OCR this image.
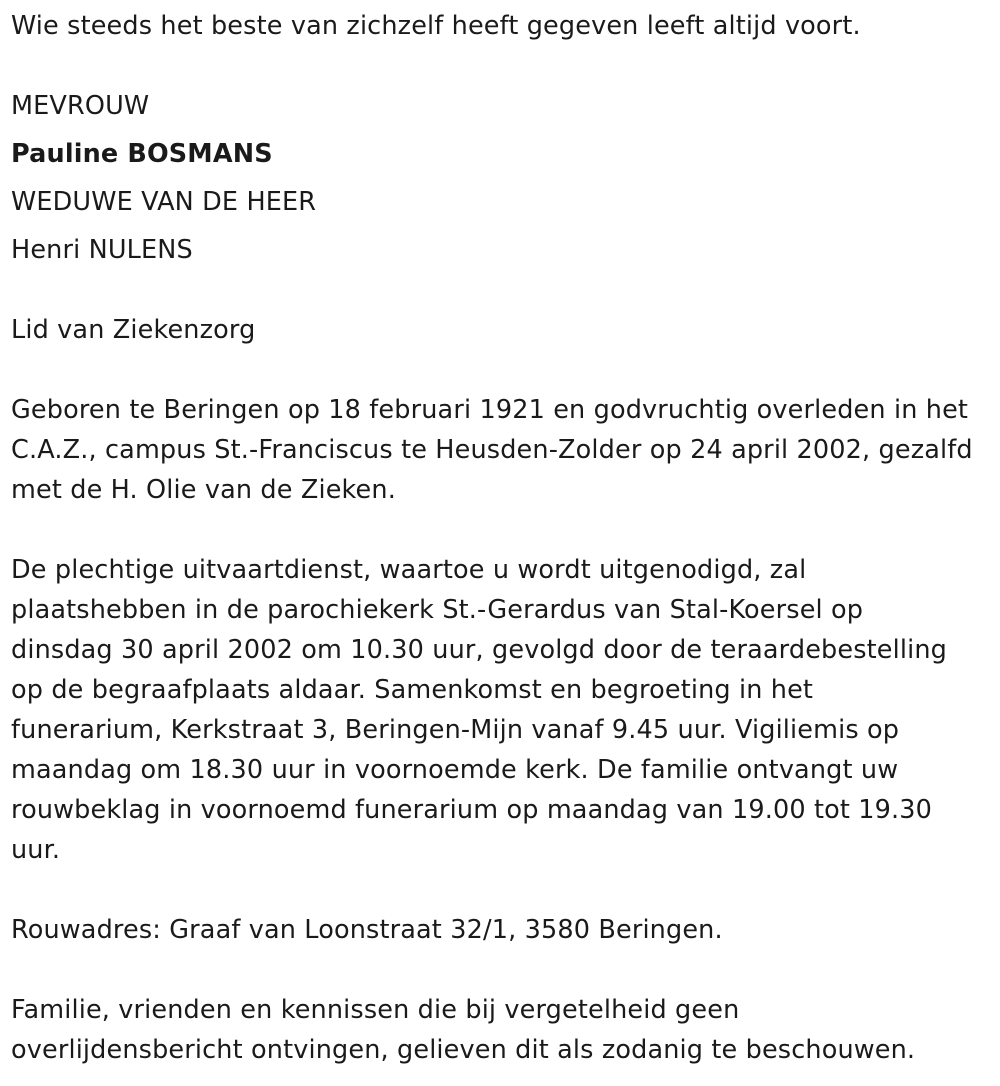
Wie steeds het beste van zichzelf heeft gegeven leeft altijd voort.
MEVROUW
Pauline BOSMANS
WEDUWE VAN DE HEER
Henri NULENS
Lid van Ziekenzorg
Geboren te Beringen op 18 februari 1921 en godvruchtig overleden in het
C.A.Z., campus St.-Franciscus te Heusden-Zolder op 24 april 2002, gezalfd
met de H. Olie van de Zieken.
De plechtige uitvaartdienst, waartoe u wordt uitgenodigd, zal
plaatshebben in de parochiekerk St.-Gerardus van Stal-Koersel op
dinsdag 30 april 2002 om 10.30 uur, gevolgd door de teraardebestelling
op de begraafplaats aldaar. Samenkomst en begroeting in het
funerarium, Kerkstraat 3, Beringen-Mijn vanaf 9.45 uur. Vigiliemis op
maandag om 18.30 uur in voornoemde kerk. De familie ontvangt uw
rouwbeklag in voornoemd funerarium op maandag van 19.00 tot 19.30
uur.
Rouwadres: Graaf van Loonstraat 32/1, 3580 Beringen.
Familie, vrienden en kennissen die bij vergetelheid geen
overlijdensbericht ontvingen, gelieven dit als zodanig te beschouwen.
